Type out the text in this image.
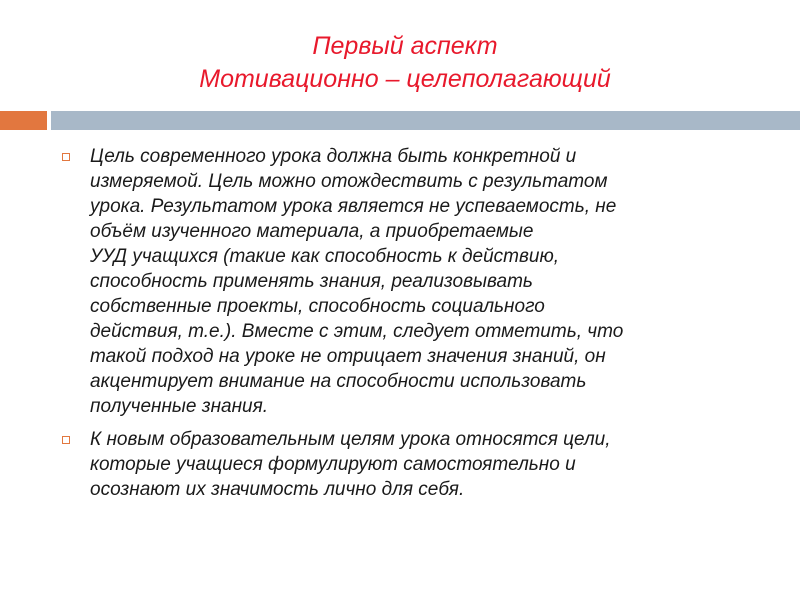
Первый аспект
Мотивационно – целеполагающий

Цель современного урока должна быть конкретной и
измеряемой. Цель можно отождествить с результатом
урока. Результатом урока является не успеваемость, не
объём изученного материала, а приобретаемые
УУД учащихся (такие как способность к действию,
способность применять знания, реализовывать
собственные проекты, способность социального
действия, т.е.). Вместе с этим, следует отметить, что
такой подход на уроке не отрицает значения знаний, он
акцентирует внимание на способности использовать
полученные знания.

К новым образовательным целям урока относятся цели,
которые учащиеся формулируют самостоятельно и
осознают их значимость лично для себя.
